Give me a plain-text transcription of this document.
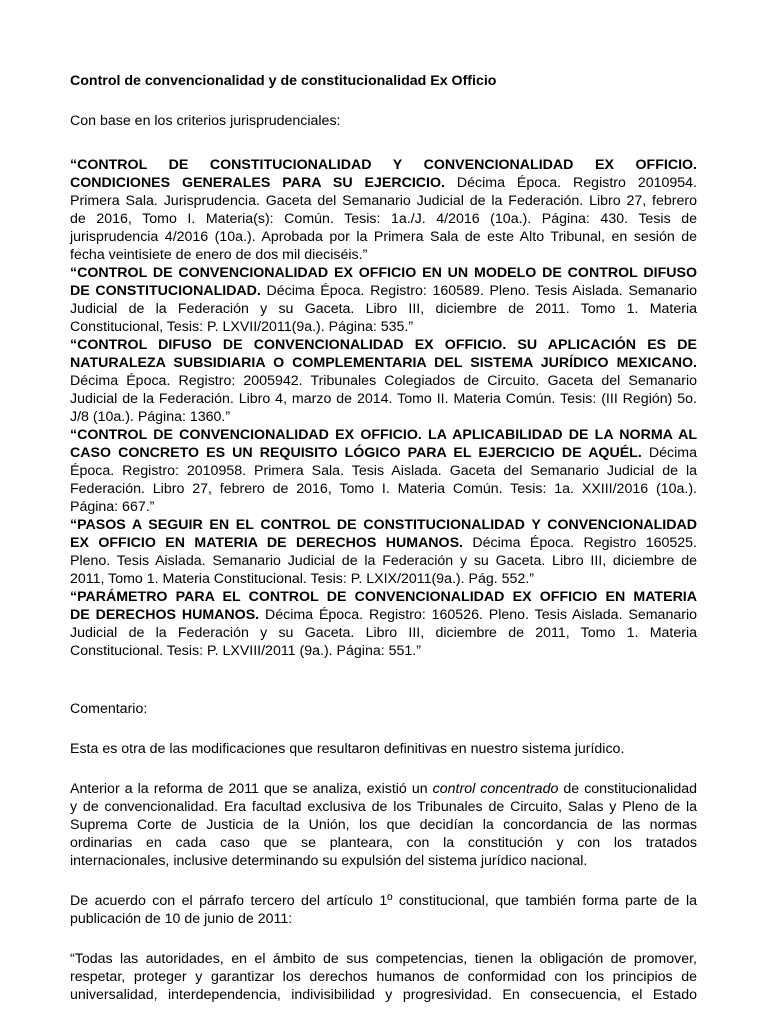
Control de convencionalidad y de constitucionalidad Ex Officio

Con base en los criterios jurisprudenciales:

“CONTROL DE CONSTITUCIONALIDAD Y CONVENCIONALIDAD EX OFFICIO.

CONDICIONES GENERALES PARA SU EJERCICIO. Décima Época. Registro 2010954.

Primera Sala. Jurisprudencia. Gaceta del Semanario Judicial de la Federación. Libro 27, febrero

de 2016, Tomo I. Materia(s): Común. Tesis: 1a./J. 4/2016 (10a.). Página: 430. Tesis de

jurisprudencia 4/2016 (10a.). Aprobada por la Primera Sala de este Alto Tribunal, en sesión de

fecha veintisiete de enero de dos mil dieciséis.”

“CONTROL DE CONVENCIONALIDAD EX OFFICIO EN UN MODELO DE CONTROL DIFUSO

DE CONSTITUCIONALIDAD. Décima Época. Registro: 160589. Pleno. Tesis Aislada. Semanario

Judicial de la Federación y su Gaceta. Libro III, diciembre de 2011. Tomo 1. Materia

Constitucional, Tesis: P. LXVII/2011(9a.). Página: 535.”

“CONTROL DIFUSO DE CONVENCIONALIDAD EX OFFICIO. SU APLICACIÓN ES DE

NATURALEZA SUBSIDIARIA O COMPLEMENTARIA DEL SISTEMA JURÍDICO MEXICANO.

Décima Época. Registro: 2005942. Tribunales Colegiados de Circuito. Gaceta del Semanario

Judicial de la Federación. Libro 4, marzo de 2014. Tomo II. Materia Común. Tesis: (III Región) 5o.

J/8 (10a.). Página: 1360.”

“CONTROL DE CONVENCIONALIDAD EX OFFICIO. LA APLICABILIDAD DE LA NORMA AL

CASO CONCRETO ES UN REQUISITO LÓGICO PARA EL EJERCICIO DE AQUÉL. Décima

Época. Registro: 2010958. Primera Sala. Tesis Aislada. Gaceta del Semanario Judicial de la

Federación. Libro 27, febrero de 2016, Tomo I. Materia Común. Tesis: 1a. XXIII/2016 (10a.).

Página: 667.”

“PASOS A SEGUIR EN EL CONTROL DE CONSTITUCIONALIDAD Y CONVENCIONALIDAD

EX OFFICIO EN MATERIA DE DERECHOS HUMANOS. Décima Época. Registro 160525.

Pleno. Tesis Aislada. Semanario Judicial de la Federación y su Gaceta. Libro III, diciembre de

2011, Tomo 1. Materia Constitucional. Tesis: P. LXIX/2011(9a.). Pág. 552.”

“PARÁMETRO PARA EL CONTROL DE CONVENCIONALIDAD EX OFFICIO EN MATERIA

DE DERECHOS HUMANOS. Décima Época. Registro: 160526. Pleno. Tesis Aislada. Semanario

Judicial de la Federación y su Gaceta. Libro III, diciembre de 2011, Tomo 1. Materia

Constitucional. Tesis: P. LXVIII/2011 (9a.). Página: 551.”

Comentario:

Esta es otra de las modificaciones que resultaron definitivas en nuestro sistema jurídico.

Anterior a la reforma de 2011 que se analiza, existió un control concentrado de constitucionalidad

y de convencionalidad. Era facultad exclusiva de los Tribunales de Circuito, Salas y Pleno de la

Suprema Corte de Justicia de la Unión, los que decidían la concordancia de las normas

ordinarias en cada caso que se planteara, con la constitución y con los tratados

internacionales, inclusive determinando su expulsión del sistema jurídico nacional.

De acuerdo con el párrafo tercero del artículo 1º constitucional, que también forma parte de la

publicación de 10 de junio de 2011:

“Todas las autoridades, en el ámbito de sus competencias, tienen la obligación de promover,

respetar, proteger y garantizar los derechos humanos de conformidad con los principios de

universalidad, interdependencia, indivisibilidad y progresividad. En consecuencia, el Estado
